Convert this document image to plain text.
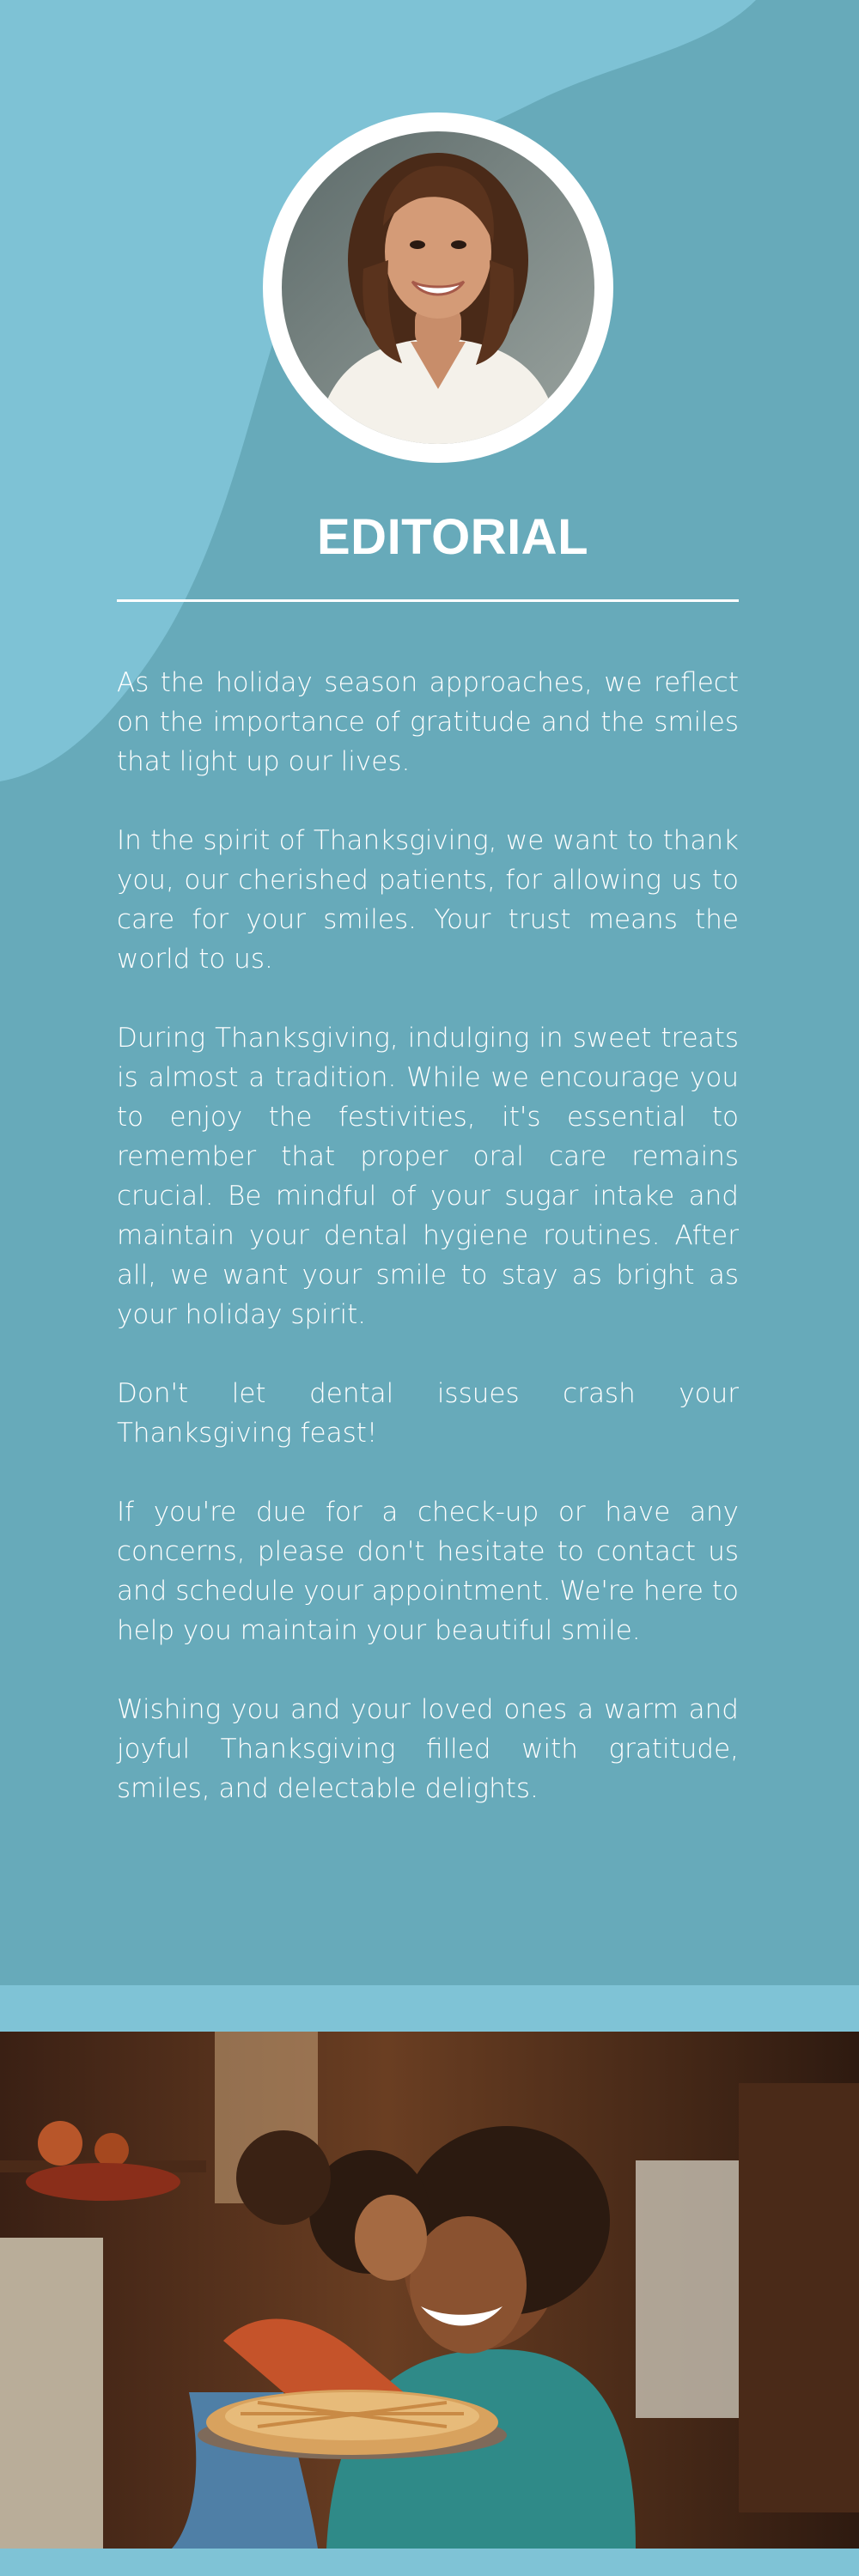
EDITORIAL

As the holiday season approaches, we reflect on the importance of gratitude and the smiles that light up our lives.

In the spirit of Thanksgiving, we want to thank you, our cherished patients, for allowing us to care for your smiles. Your trust means the world to us.

During Thanksgiving, indulging in sweet treats is almost a tradition. While we encourage you to enjoy the festivities, it's essential to remember that proper oral care remains crucial. Be mindful of your sugar intake and maintain your dental hygiene routines. After all, we want your smile to stay as bright as your holiday spirit.

Don't let dental issues crash your Thanksgiving feast!

If you're due for a check-up or have any concerns, please don't hesitate to contact us and schedule your appointment. We're here to help you maintain your beautiful smile.

Wishing you and your loved ones a warm and joyful Thanksgiving filled with gratitude, smiles, and delectable delights.
